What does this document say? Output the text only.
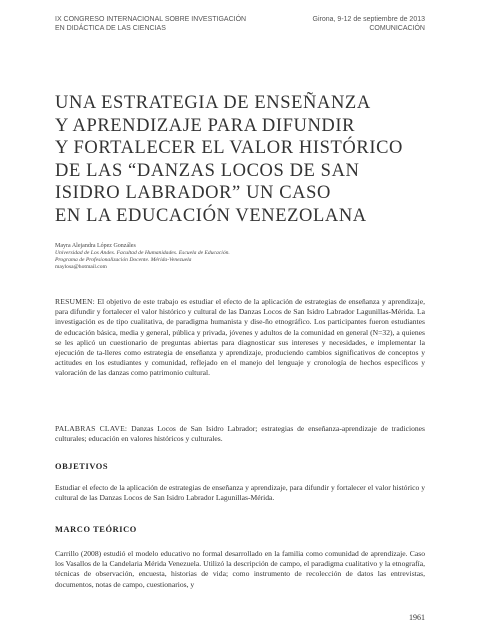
IX CONGRESO INTERNACIONAL SOBRE INVESTIGACIÓN
EN DIDÁCTICA DE LAS CIENCIAS
Girona, 9-12 de septiembre de 2013
COMUNICACIÓN
UNA ESTRATEGIA DE ENSEÑANZA
Y APRENDIZAJE PARA DIFUNDIR
Y FORTALECER EL VALOR HISTÓRICO
DE LAS “DANZAS LOCOS DE SAN
ISIDRO LABRADOR” UN CASO
EN LA EDUCACIÓN VENEZOLANA
Mayra Alejandra López Gonzáles
Universidad de Los Andes. Facultad de Humanidades. Escuela de Educación.
Programa de Profesionalización Docente. Mérida-Venezuela
maylosa@hotmail.com
RESUMEN: El objetivo de este trabajo es estudiar el efecto de la aplicación de estrategias de enseñanza y aprendizaje, para difundir y fortalecer el valor histórico y cultural de las Danzas Locos de San Isidro Labrador Lagunillas-Mérida. La investigación es de tipo cualitativa, de paradigma humanista y dise-ño etnográfico. Los participantes fueron estudiantes de educación básica, media y general, pública y privada, jóvenes y adultos de la comunidad en general (N=32), a quienes se les aplicó un cuestionario de preguntas abiertas para diagnosticar sus intereses y necesidades, e implementar la ejecución de ta-lleres como estrategia de enseñanza y aprendizaje, produciendo cambios significativos de conceptos y actitudes en los estudiantes y comunidad, reflejado en el manejo del lenguaje y cronología de hechos específicos y valoración de las danzas como patrimonio cultural.
PALABRAS CLAVE: Danzas Locos de San Isidro Labrador; estrategias de enseñanza-aprendizaje de tradiciones culturales; educación en valores históricos y culturales.
OBJETIVOS
Estudiar el efecto de la aplicación de estrategias de enseñanza y aprendizaje, para difundir y fortalecer el valor histórico y cultural de las Danzas Locos de San Isidro Labrador Lagunillas-Mérida.
MARCO TEÓRICO
Carrillo (2008) estudió el modelo educativo no formal desarrollado en la familia como comunidad de aprendizaje. Caso los Vasallos de la Candelaria Mérida Venezuela. Utilizó la descripción de campo, el paradigma cualitativo y la etnografía, técnicas de observación, encuesta, historias de vida; como instrumento de recolección de datos las entrevistas, documentos, notas de campo, cuestionarios, y
1961
